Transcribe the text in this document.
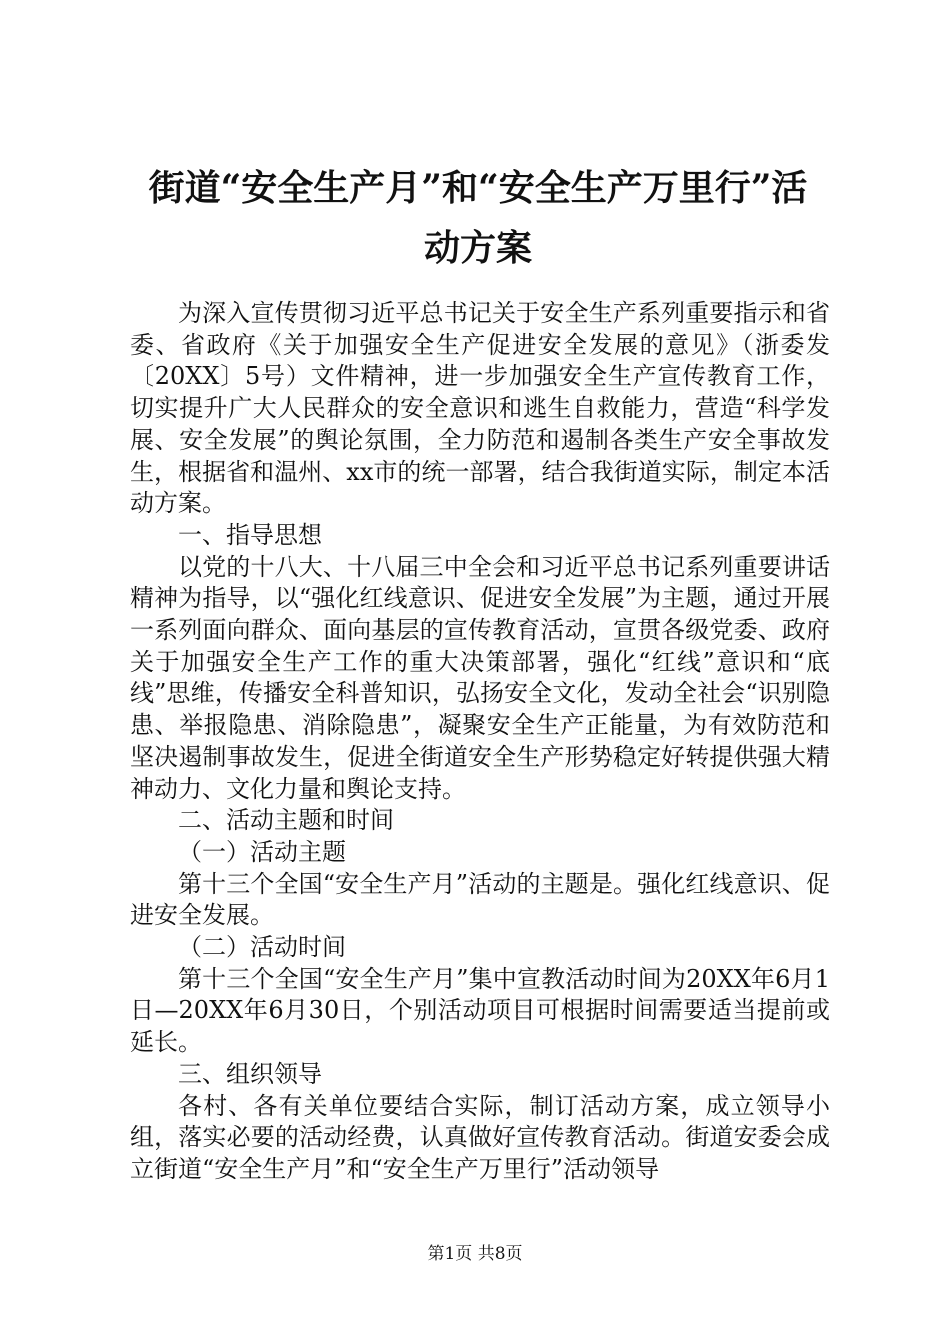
街道“安全生产月”和“安全生产万里行”活
动方案

为深入宣传贯彻习近平总书记关于安全生产系列重要指示和省委、省政府《关于加强安全生产促进安全发展的意见》（浙委发〔20XX〕5号）文件精神，进一步加强安全生产宣传教育工作，切实提升广大人民群众的安全意识和逃生自救能力，营造“科学发展、安全发展”的舆论氛围，全力防范和遏制各类生产安全事故发生，根据省和温州、xx市的统一部署，结合我街道实际，制定本活动方案。

一、指导思想

以党的十八大、十八届三中全会和习近平总书记系列重要讲话精神为指导，以“强化红线意识、促进安全发展”为主题，通过开展一系列面向群众、面向基层的宣传教育活动，宣贯各级党委、政府关于加强安全生产工作的重大决策部署，强化“红线”意识和“底线”思维，传播安全科普知识，弘扬安全文化，发动全社会“识别隐患、举报隐患、消除隐患”，凝聚安全生产正能量，为有效防范和坚决遏制事故发生，促进全街道安全生产形势稳定好转提供强大精神动力、文化力量和舆论支持。

二、活动主题和时间

（一）活动主题

第十三个全国“安全生产月”活动的主题是。强化红线意识、促进安全发展。

（二）活动时间

第十三个全国“安全生产月”集中宣教活动时间为20XX年6月1日—20XX年6月30日，个别活动项目可根据时间需要适当提前或延长。

三、组织领导

各村、各有关单位要结合实际，制订活动方案，成立领导小组，落实必要的活动经费，认真做好宣传教育活动。街道安委会成立街道“安全生产月”和“安全生产万里行”活动领导

第1页 共8页
